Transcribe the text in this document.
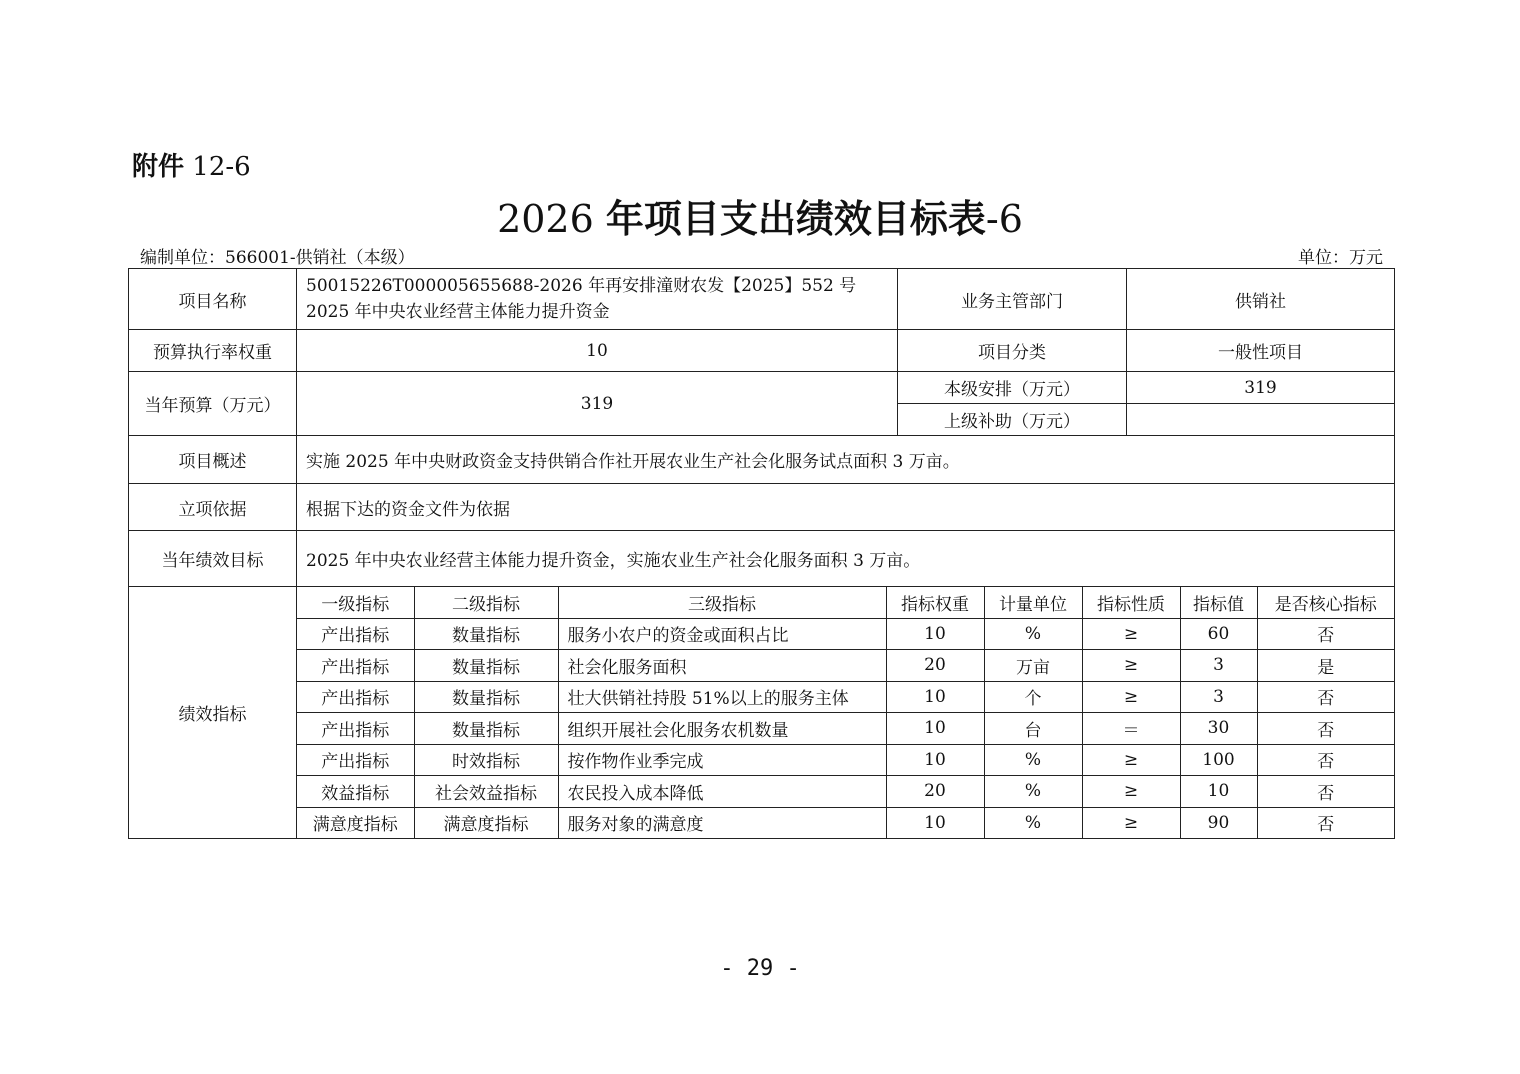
附件 12-6
2026 年项目支出绩效目标表-6
编制单位：566001-供销社（本级）	单位：万元
项目名称	50015226T000005655688-2026 年再安排潼财农发【2025】552 号 2025 年中央农业经营主体能力提升资金	业务主管部门	供销社
预算执行率权重	10	项目分类	一般性项目
当年预算（万元）	319	本级安排（万元）	319
上级补助（万元）	
项目概述	实施 2025 年中央财政资金支持供销合作社开展农业生产社会化服务试点面积 3 万亩。
立项依据	根据下达的资金文件为依据
当年绩效目标	2025 年中央农业经营主体能力提升资金，实施农业生产社会化服务面积 3 万亩。
绩效指标	
一级指标	二级指标	三级指标	指标权重	计量单位	指标性质	指标值	是否核心指标
产出指标	数量指标	服务小农户的资金或面积占比	10	%	≥	60	否
产出指标	数量指标	社会化服务面积	20	万亩	≥	3	是
产出指标	数量指标	壮大供销社持股 51%以上的服务主体	10	个	≥	3	否
产出指标	数量指标	组织开展社会化服务农机数量	10	台	＝	30	否
产出指标	时效指标	按作物作业季完成	10	%	≥	100	否
效益指标	社会效益指标	农民投入成本降低	20	%	≥	10	否
满意度指标	满意度指标	服务对象的满意度	10	%	≥	90	否
- 29 -
